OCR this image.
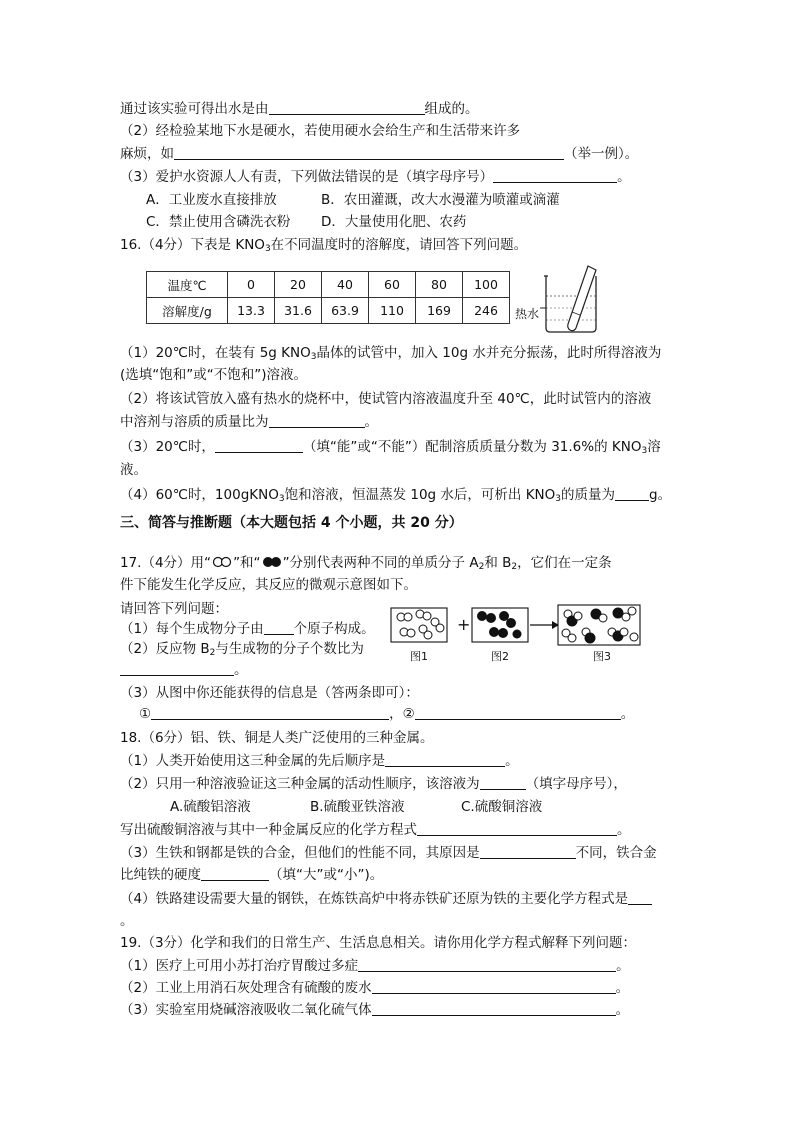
通过该实验可得出水是由	组成的。
（2）经检验某地下水是硬水，若使用硬水会给生产和生活带来许多
麻烦，如	（举一例）。
（3）爱护水资源人人有责，下列做法错误的是（填字母序号）	。
A．工业废水直接排放	B．农田灌溉，改大水漫灌为喷灌或滴灌
C．禁止使用含磷洗衣粉 D．大量使用化肥、农药
16.（4分）下表是 $KNO_3$在不同温度时的溶解度，请回答下列问题。
温度℃	0	20	40	60	80	100
溶解度/g	13.3	31.6	63.9	110	169	246 热水
（1）20℃时，在装有 5g $KNO_3$晶体的试管中，加入 10g 水并充分振荡，此时所得溶液为
(选填“饱和”或“不饱和”)溶液。
（2）将该试管放入盛有热水的烧杯中，使试管内溶液温度升至 40℃，此时试管内的溶液
中溶剂与溶质的质量比为	。
（3）20℃时，	（填“能”或“不能”）配制溶质质量分数为 31.6%的 $KNO_3$溶
液。
（4）60℃时，100gKNO$_3$饱和溶液，恒温蒸发 10g 水后，可析出 $KNO_3$的质量为	g。
三、简答与推断题（本大题包括 4 个小题，共 20 分）
17.（4分）用“ ”和“ ”分别代表两种不同的单质分子 $A_2$和 $B_2$，它们在一定条
件下能发生化学反应，其反应的微观示意图如下。
请回答下列问题：
（1）每个生成物分子由 个原子构成。
（2）反应物 $B_2$与生成物的分子个数比为
。
+
图1	图2	图3
（3）从图中你还能获得的信息是（答两条即可）：
①	，②	。
18.（6分）铝、铁、铜是人类广泛使用的三种金属。
（1）人类开始使用这三种金属的先后顺序是	。
（2）只用一种溶液验证这三种金属的活动性顺序，该溶液为	（填字母序号），
A.硫酸铝溶液	B.硫酸亚铁溶液	C.硫酸铜溶液
写出硫酸铜溶液与其中一种金属反应的化学方程式	。
（3）生铁和钢都是铁的合金，但他们的性能不同，其原因是	不同，铁合金
比纯铁的硬度	（填“大”或“小”)。
（4）铁路建设需要大量的钢铁，在炼铁高炉中将赤铁矿还原为铁的主要化学方程式是
。
19.（3分）化学和我们的日常生产、生活息息相关。请你用化学方程式解释下列问题：
（1）医疗上可用小苏打治疗胃酸过多症	。
（2）工业上用消石灰处理含有硫酸的废水	。
（3）实验室用烧碱溶液吸收二氧化硫气体	。
